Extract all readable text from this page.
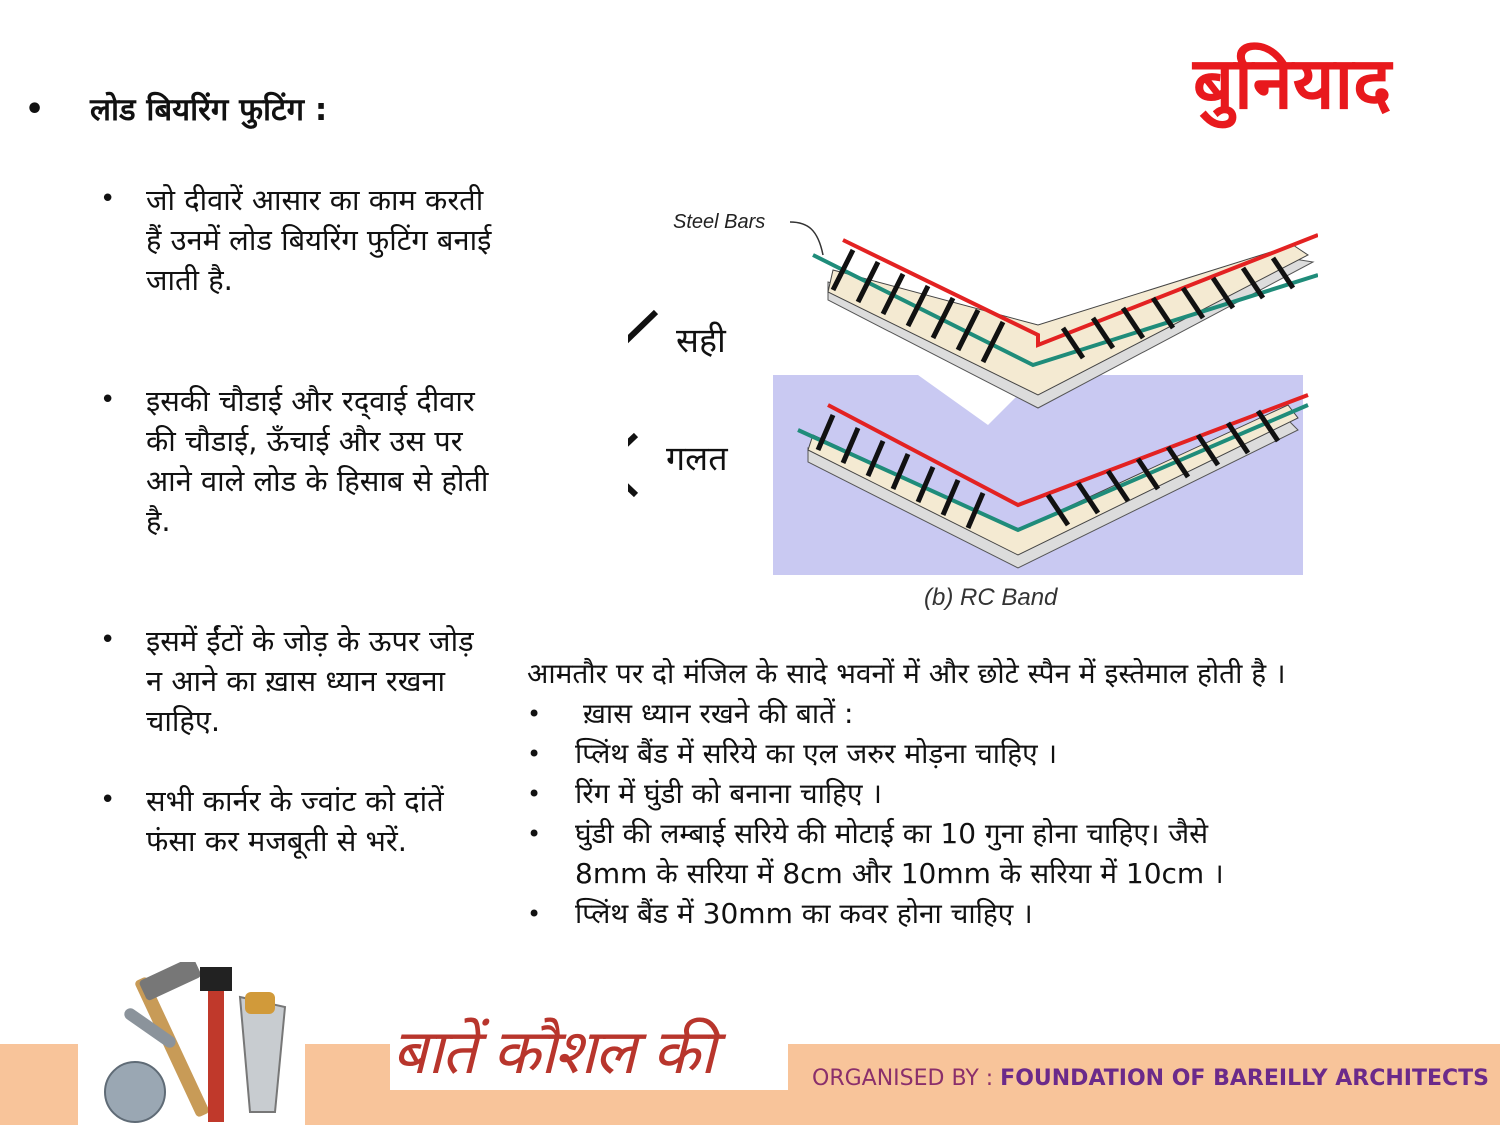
बुनियाद
• लोड बियरिंग फुटिंग :
• जो दीवारें आसार का काम करती हैं उनमें लोड बियरिंग फुटिंग बनाई जाती है.
• इसकी चौडाई और रद्‍वाई दीवार की चौडाई, ऊँचाई और उस पर आने वाले लोड के हिसाब से होती है.
• इसमें ईंटों के जोड़ के ऊपर जोड़ न आने का ख़ास ध्यान रखना चाहिए.
• सभी कार्नर के ज्वांट को दांतें फंसा कर मजबूती से भरें.
Steel Bars
सही
गलत
(b) RC Band
आमतौर पर दो मंजिल के सादे भवनों में और छोटे स्पैन में इस्तेमाल होती है ।
•	ख़ास ध्यान रखने की बातें :
•	प्लिंथ बैंड में सरिये का एल जरुर मोड़ना चाहिए ।
•	रिंग में घुंडी को बनाना चाहिए ।
•	घुंडी की लम्बाई सरिये की मोटाई का 10 गुना होना चाहिए। जैसे
8mm के सरिया में 8cm और 10mm के सरिया में 10cm ।
•	प्लिंथ बैंड में 30mm का कवर होना चाहिए ।
बातें कौशल की	ORGANISED BY : FOUNDATION OF BAREILLY ARCHITECTS
